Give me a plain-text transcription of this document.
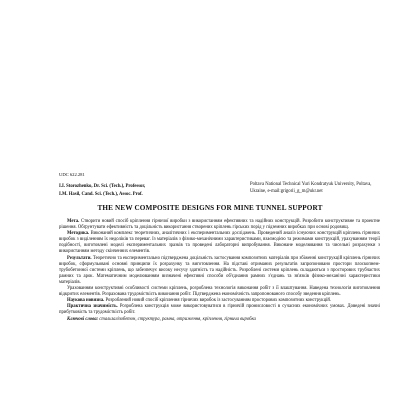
UDC 622.281
I.I. Storozhenko, Dr. Sci. (Tech.), Professor,
I.M. Hasil, Cand. Sci. (Tech.), Assoc. Prof.
Poltava National Technical Yuri Kondratyuk University, Poltava, Ukraine, e-mail:grigorii_g_m@ukr.net
THE NEW COMPOSITE DESIGNS FOR MINE TUNNEL SUPPORT

Мета. Створити новий спосіб кріплення гірничої виробки з використанням ефективних та надійних конструкцій. Розробити конструктивне та проектне рішення. Обґрунтувати ефективність та доцільність використання створених кріплень гірських порід у підземних виробках при основі родовищ.

Методика. Виконаний комплекс теоретичних, аналітичних і експериментальних досліджень. Проведений аналіз існуючих конструкцій кріплень гірничих виробок з виділенням їх недоліків та переваг. Із матеріалів з фізико-механічними характеристиками, взаємодією та режимами конструкцій, урахуванням теорії подібності, виготовлені моделі експериментальних зразків та проведені лабораторні випробування. Виконане моделювання та чисельні розрахунки з використанням методу скінченних елементів.

Результати. Теоретично та експериментально підтверджена доцільність застосування композитних матеріалів при збіженні конструкцій кріплень гірничих виробок, сформульовані основні принципи їх розрахунку та виготовлення. На підставі отриманих результатів запропоновано простори плоскопнем-трубобетонної системи кріплень, що забезпечує високу несучу здатність та надійність. Розроблені системи кріплень складаються з просторових трубчастих рамних та арок. Математичним моделюванням визначені ефективні способи об'єднання рамних з'єднань та зв'язків фізико-механічні характеристики матеріалів.

Урахованням конструктивні особливості системи кріплень, розроблена технологія виконання робіт з її влаштування. Наведена технологія виготовлення відкритих елементів. Розрахована трудомісткість виконання робіт. Підтверджена економічність запропонованого способу зведення кріплень.

Наукова новизна. Розроблений новий спосіб кріплення гірничих виробок із застосуванням просторових композитних конструкцій.

Практична значимість. Розроблена конструкція може використовуватися в гірничій промисловості в сучасних економічних умовах. Доведені значні прибутковість та трудомісткість робіт.

Ключові слова: стальзалізобетон, структура, рамна, отриження, кріплення, гірнича виробка
